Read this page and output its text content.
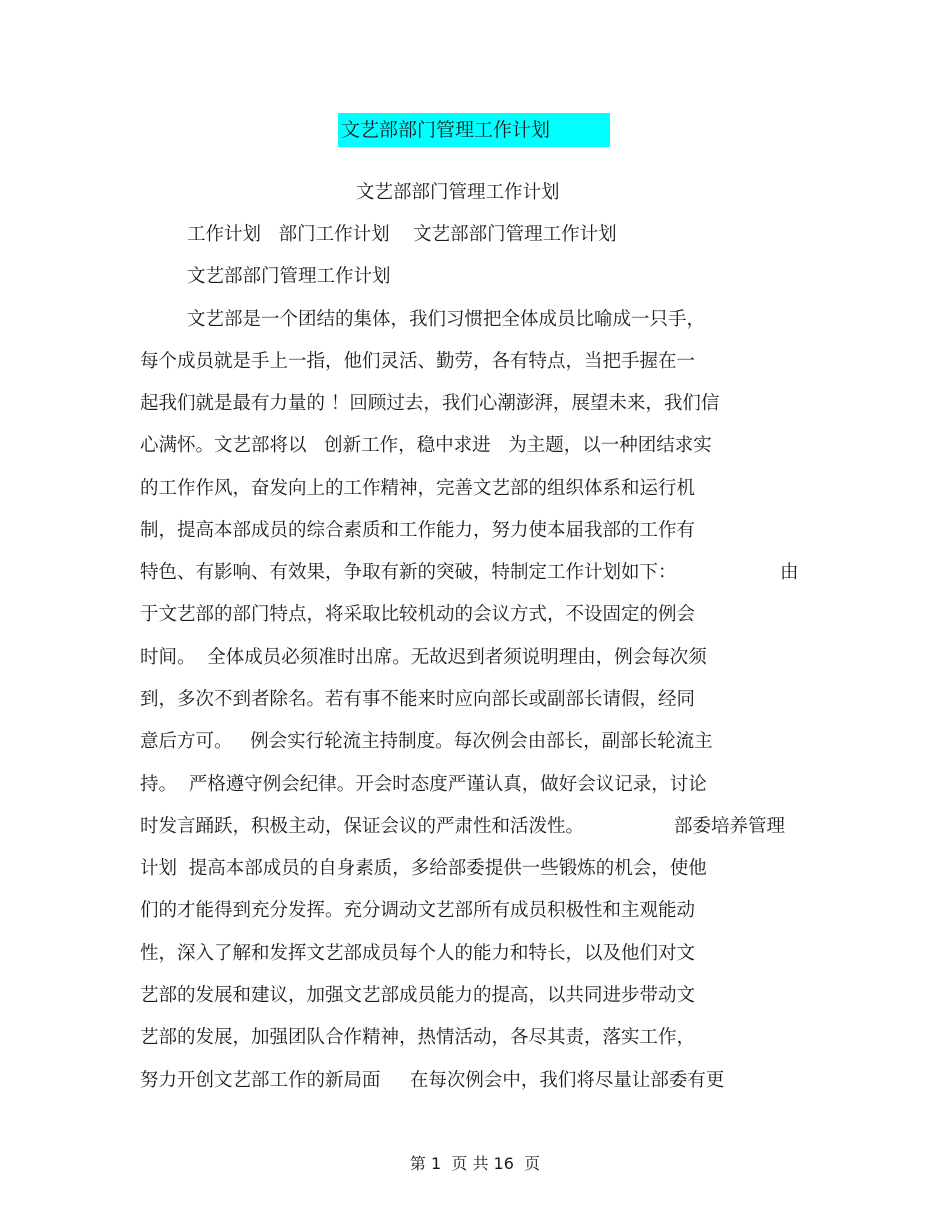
文艺部部门管理工作计划
文艺部部门管理工作计划
工作计划   部门工作计划    文艺部部门管理工作计划
文艺部部门管理工作计划
文艺部是一个团结的集体，我们习惯把全体成员比喻成一只手，
每个成员就是手上一指，他们灵活、勤劳，各有特点，当把手握在一
起我们就是最有力量的 ！回顾过去，我们心潮澎湃，展望未来，我们信
心满怀。文艺部将以   创新工作，稳中求进   为主题，以一种团结求实
的工作作风，奋发向上的工作精神，完善文艺部的组织体系和运行机
制，提高本部成员的综合素质和工作能力，努力使本届我部的工作有
特色、有影响、有效果，争取有新的突破，特制定工作计划如下：	由
于文艺部的部门特点，将采取比较机动的会议方式，不设固定的例会
时间。  全体成员必须准时出席。无故迟到者须说明理由，例会每次须
到，多次不到者除名。若有事不能来时应向部长或副部长请假，经同
意后方可。   例会实行轮流主持制度。每次例会由部长，副部长轮流主
持。  严格遵守例会纪律。开会时态度严谨认真，做好会议记录，讨论
时发言踊跃，积极主动，保证会议的严肃性和活泼性。	部委培养管理
计划  提高本部成员的自身素质，多给部委提供一些锻炼的机会，使他
们的才能得到充分发挥。充分调动文艺部所有成员积极性和主观能动
性，深入了解和发挥文艺部成员每个人的能力和特长，以及他们对文
艺部的发展和建议，加强文艺部成员能力的提高，以共同进步带动文
艺部的发展，加强团队合作精神，热情活动，各尽其责，落实工作，
努力开创文艺部工作的新局面     在每次例会中，我们将尽量让部委有更
第 1  页 共 16  页
